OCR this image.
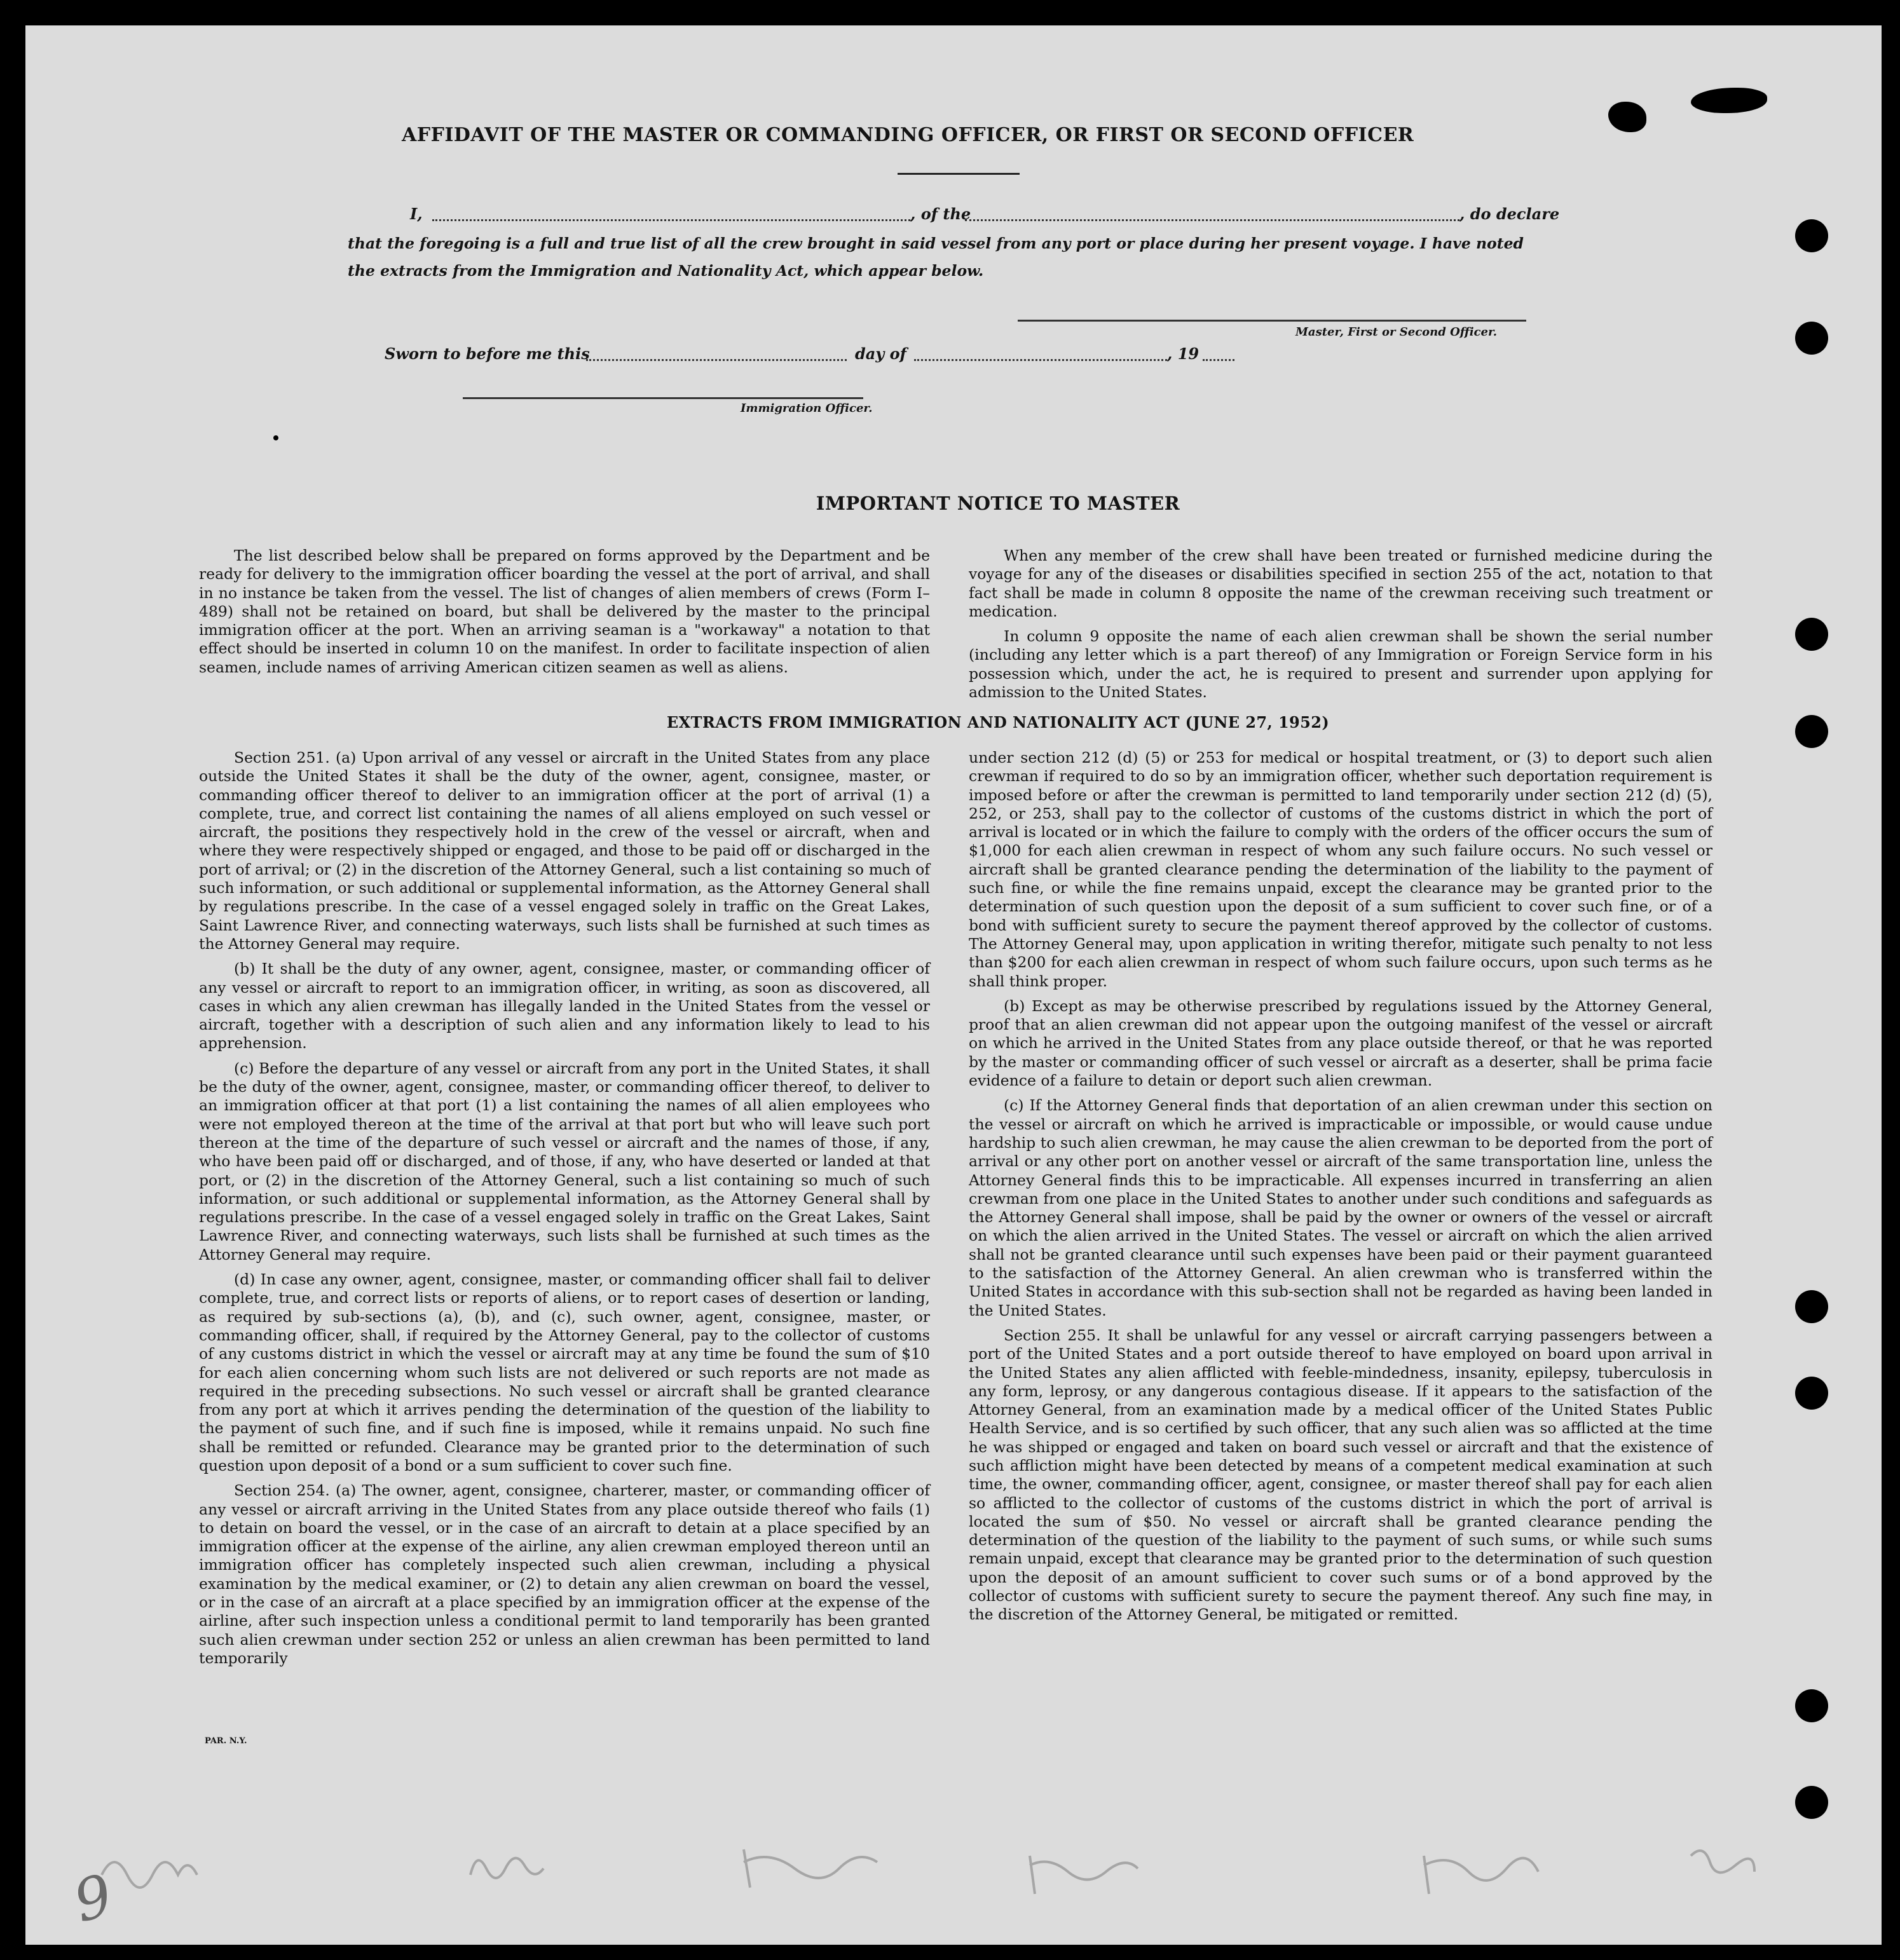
AFFIDAVIT OF THE MASTER OR COMMANDING OFFICER, OR FIRST OR SECOND OFFICER
I,	, of the	, do declare
that the foregoing is a full and true list of all the crew brought in said vessel from any port or place during her present voyage. I have noted the extracts from the Immigration and Nationality Act, which appear below.
Master, First or Second Officer.
Sworn to before me this	day of	, 19
Immigration Officer.
IMPORTANT NOTICE TO MASTER

The list described below shall be prepared on forms approved by the Department and be ready for delivery to the immigration officer boarding the vessel at the port of arrival, and shall in no instance be taken from the vessel. The list of changes of alien members of crews (Form I–489) shall not be retained on board, but shall be delivered by the master to the principal immigration officer at the port. When an arriving seaman is a "workaway" a notation to that effect should be inserted in column 10 on the manifest. In order to facilitate inspection of alien seamen, include names of arriving American citizen seamen as well as aliens.

When any member of the crew shall have been treated or furnished medicine during the voyage for any of the diseases or disabilities specified in section 255 of the act, notation to that fact shall be made in column 8 opposite the name of the crewman receiving such treatment or medication.

In column 9 opposite the name of each alien crewman shall be shown the serial number (including any letter which is a part thereof) of any Immigration or Foreign Service form in his possession which, under the act, he is required to present and surrender upon applying for admission to the United States.

EXTRACTS FROM IMMIGRATION AND NATIONALITY ACT (JUNE 27, 1952)

Section 251. (a) Upon arrival of any vessel or aircraft in the United States from any place outside the United States it shall be the duty of the owner, agent, consignee, master, or commanding officer thereof to deliver to an immigration officer at the port of arrival (1) a complete, true, and correct list containing the names of all aliens employed on such vessel or aircraft, the positions they respectively hold in the crew of the vessel or aircraft, when and where they were respectively shipped or engaged, and those to be paid off or discharged in the port of arrival; or (2) in the discretion of the Attorney General, such a list containing so much of such information, or such additional or supplemental information, as the Attorney General shall by regulations prescribe. In the case of a vessel engaged solely in traffic on the Great Lakes, Saint Lawrence River, and connecting waterways, such lists shall be furnished at such times as the Attorney General may require.

(b) It shall be the duty of any owner, agent, consignee, master, or commanding officer of any vessel or aircraft to report to an immigration officer, in writing, as soon as discovered, all cases in which any alien crewman has illegally landed in the United States from the vessel or aircraft, together with a description of such alien and any information likely to lead to his apprehension.

(c) Before the departure of any vessel or aircraft from any port in the United States, it shall be the duty of the owner, agent, consignee, master, or commanding officer thereof, to deliver to an immigration officer at that port (1) a list containing the names of all alien employees who were not employed thereon at the time of the arrival at that port but who will leave such port thereon at the time of the departure of such vessel or aircraft and the names of those, if any, who have been paid off or discharged, and of those, if any, who have deserted or landed at that port, or (2) in the discretion of the Attorney General, such a list containing so much of such information, or such additional or supplemental information, as the Attorney General shall by regulations prescribe. In the case of a vessel engaged solely in traffic on the Great Lakes, Saint Lawrence River, and connecting waterways, such lists shall be furnished at such times as the Attorney General may require.

(d) In case any owner, agent, consignee, master, or commanding officer shall fail to deliver complete, true, and correct lists or reports of aliens, or to report cases of desertion or landing, as required by sub-sections (a), (b), and (c), such owner, agent, consignee, master, or commanding officer, shall, if required by the Attorney General, pay to the collector of customs of any customs district in which the vessel or aircraft may at any time be found the sum of $10 for each alien concerning whom such lists are not delivered or such reports are not made as required in the preceding subsections. No such vessel or aircraft shall be granted clearance from any port at which it arrives pending the determination of the question of the liability to the payment of such fine, and if such fine is imposed, while it remains unpaid. No such fine shall be remitted or refunded. Clearance may be granted prior to the determination of such question upon deposit of a bond or a sum sufficient to cover such fine.

Section 254. (a) The owner, agent, consignee, charterer, master, or commanding officer of any vessel or aircraft arriving in the United States from any place outside thereof who fails (1) to detain on board the vessel, or in the case of an aircraft to detain at a place specified by an immigration officer at the expense of the airline, any alien crewman employed thereon until an immigration officer has completely inspected such alien crewman, including a physical examination by the medical examiner, or (2) to detain any alien crewman on board the vessel, or in the case of an aircraft at a place specified by an immigration officer at the expense of the airline, after such inspection unless a conditional permit to land temporarily has been granted such alien crewman under section 252 or unless an alien crewman has been permitted to land temporarily

under section 212 (d) (5) or 253 for medical or hospital treatment, or (3) to deport such alien crewman if required to do so by an immigration officer, whether such deportation requirement is imposed before or after the crewman is permitted to land temporarily under section 212 (d) (5), 252, or 253, shall pay to the collector of customs of the customs district in which the port of arrival is located or in which the failure to comply with the orders of the officer occurs the sum of $1,000 for each alien crewman in respect of whom any such failure occurs. No such vessel or aircraft shall be granted clearance pending the determination of the liability to the payment of such fine, or while the fine remains unpaid, except the clearance may be granted prior to the determination of such question upon the deposit of a sum sufficient to cover such fine, or of a bond with sufficient surety to secure the payment thereof approved by the collector of customs. The Attorney General may, upon application in writing therefor, mitigate such penalty to not less than $200 for each alien crewman in respect of whom such failure occurs, upon such terms as he shall think proper.

(b) Except as may be otherwise prescribed by regulations issued by the Attorney General, proof that an alien crewman did not appear upon the outgoing manifest of the vessel or aircraft on which he arrived in the United States from any place outside thereof, or that he was reported by the master or commanding officer of such vessel or aircraft as a deserter, shall be prima facie evidence of a failure to detain or deport such alien crewman.

(c) If the Attorney General finds that deportation of an alien crewman under this section on the vessel or aircraft on which he arrived is impracticable or impossible, or would cause undue hardship to such alien crewman, he may cause the alien crewman to be deported from the port of arrival or any other port on another vessel or aircraft of the same transportation line, unless the Attorney General finds this to be impracticable. All expenses incurred in transferring an alien crewman from one place in the United States to another under such conditions and safeguards as the Attorney General shall impose, shall be paid by the owner or owners of the vessel or aircraft on which the alien arrived in the United States. The vessel or aircraft on which the alien arrived shall not be granted clearance until such expenses have been paid or their payment guaranteed to the satisfaction of the Attorney General. An alien crewman who is transferred within the United States in accordance with this sub-section shall not be regarded as having been landed in the United States.

Section 255. It shall be unlawful for any vessel or aircraft carrying passengers between a port of the United States and a port outside thereof to have employed on board upon arrival in the United States any alien afflicted with feeble-mindedness, insanity, epilepsy, tuberculosis in any form, leprosy, or any dangerous contagious disease. If it appears to the satisfaction of the Attorney General, from an examination made by a medical officer of the United States Public Health Service, and is so certified by such officer, that any such alien was so afflicted at the time he was shipped or engaged and taken on board such vessel or aircraft and that the existence of such affliction might have been detected by means of a competent medical examination at such time, the owner, commanding officer, agent, consignee, or master thereof shall pay for each alien so afflicted to the collector of customs of the customs district in which the port of arrival is located the sum of $50. No vessel or aircraft shall be granted clearance pending the determination of the question of the liability to the payment of such sums, or while such sums remain unpaid, except that clearance may be granted prior to the determination of such question upon the deposit of an amount sufficient to cover such sums or of a bond approved by the collector of customs with sufficient surety to secure the payment thereof. Any such fine may, in the discretion of the Attorney General, be mitigated or remitted.

PAR. N.Y.
9
